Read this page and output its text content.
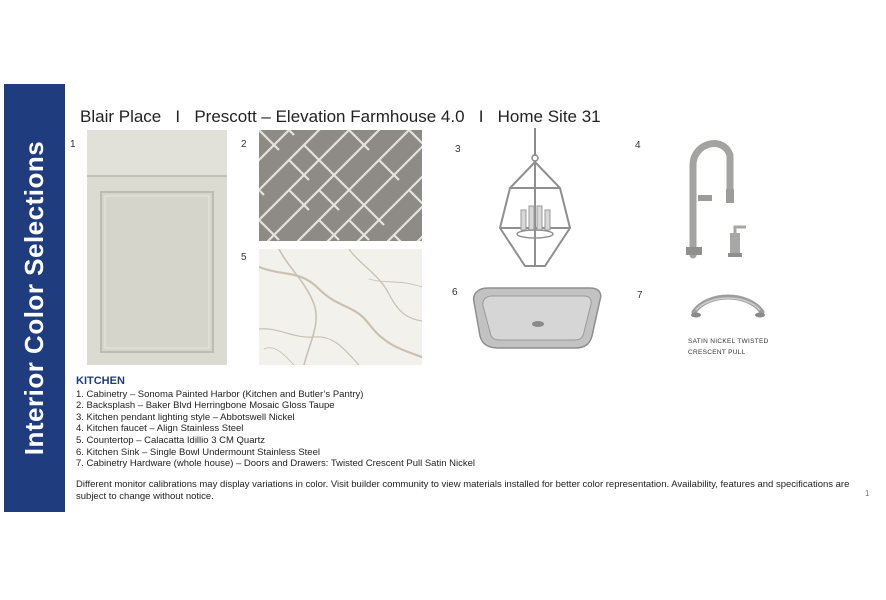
Interior Color Selections
Blair Place   I   Prescott – Elevation Farmhouse 4.0   I   Home Site 31
1	2	3	4
5
6	7
SATIN NICKEL TWISTED
CRESCENT PULL
KITCHEN
1. Cabinetry – Sonoma Painted Harbor (Kitchen and Butler’s Pantry)
2. Backsplash – Baker Blvd Herringbone Mosaic Gloss Taupe
3. Kitchen pendant lighting style – Abbotswell Nickel
4. Kitchen faucet – Align Stainless Steel
5. Countertop – Calacatta Idillio 3 CM Quartz
6. Kitchen Sink – Single Bowl Undermount Stainless Steel
7. Cabinetry Hardware (whole house) – Doors and Drawers: Twisted Crescent Pull Satin Nickel
Different monitor calibrations may display variations in color. Visit builder community to view materials installed for better color representation. Availability, features and specifications are subject to change without notice.	1
